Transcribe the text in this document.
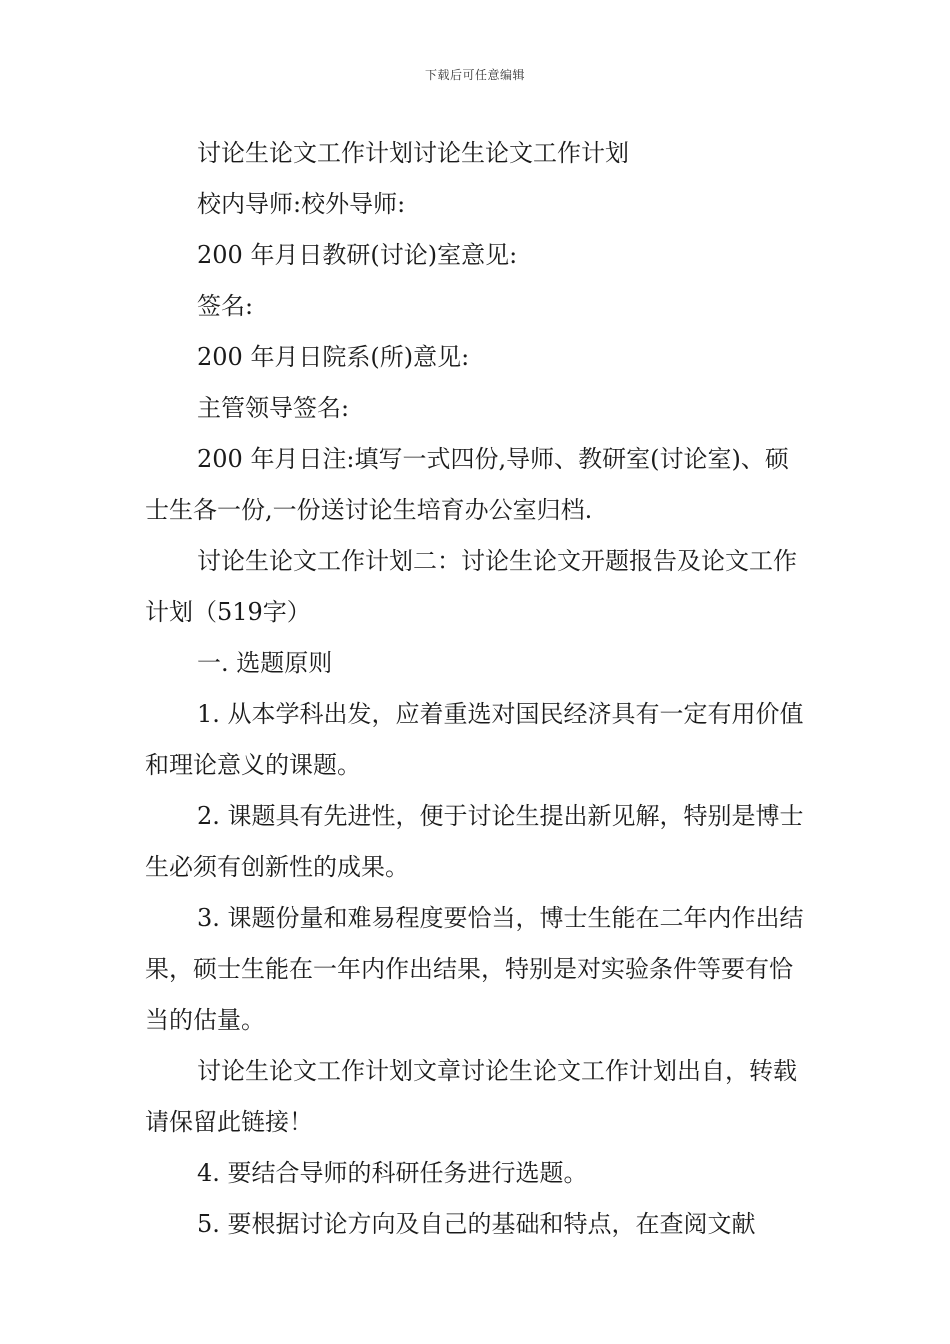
下载后可任意编辑

讨论生论文工作计划讨论生论文工作计划

校内导师:校外导师:

200 年月日教研(讨论)室意见:

签名:

200 年月日院系(所)意见:

主管领导签名:

200 年月日注:填写一式四份,导师、教研室(讨论室)、硕士生各一份,一份送讨论生培育办公室归档.

讨论生论文工作计划二：讨论生论文开题报告及论文工作计划（519字）

一. 选题原则

1. 从本学科出发，应着重选对国民经济具有一定有用价值和理论意义的课题。

2. 课题具有先进性，便于讨论生提出新见解，特别是博士生必须有创新性的成果。

3. 课题份量和难易程度要恰当，博士生能在二年内作出结果，硕士生能在一年内作出结果，特别是对实验条件等要有恰当的估量。

讨论生论文工作计划文章讨论生论文工作计划出自，转载请保留此链接！

4. 要结合导师的科研任务进行选题。

5. 要根据讨论方向及自己的基础和特点，在查阅文献
